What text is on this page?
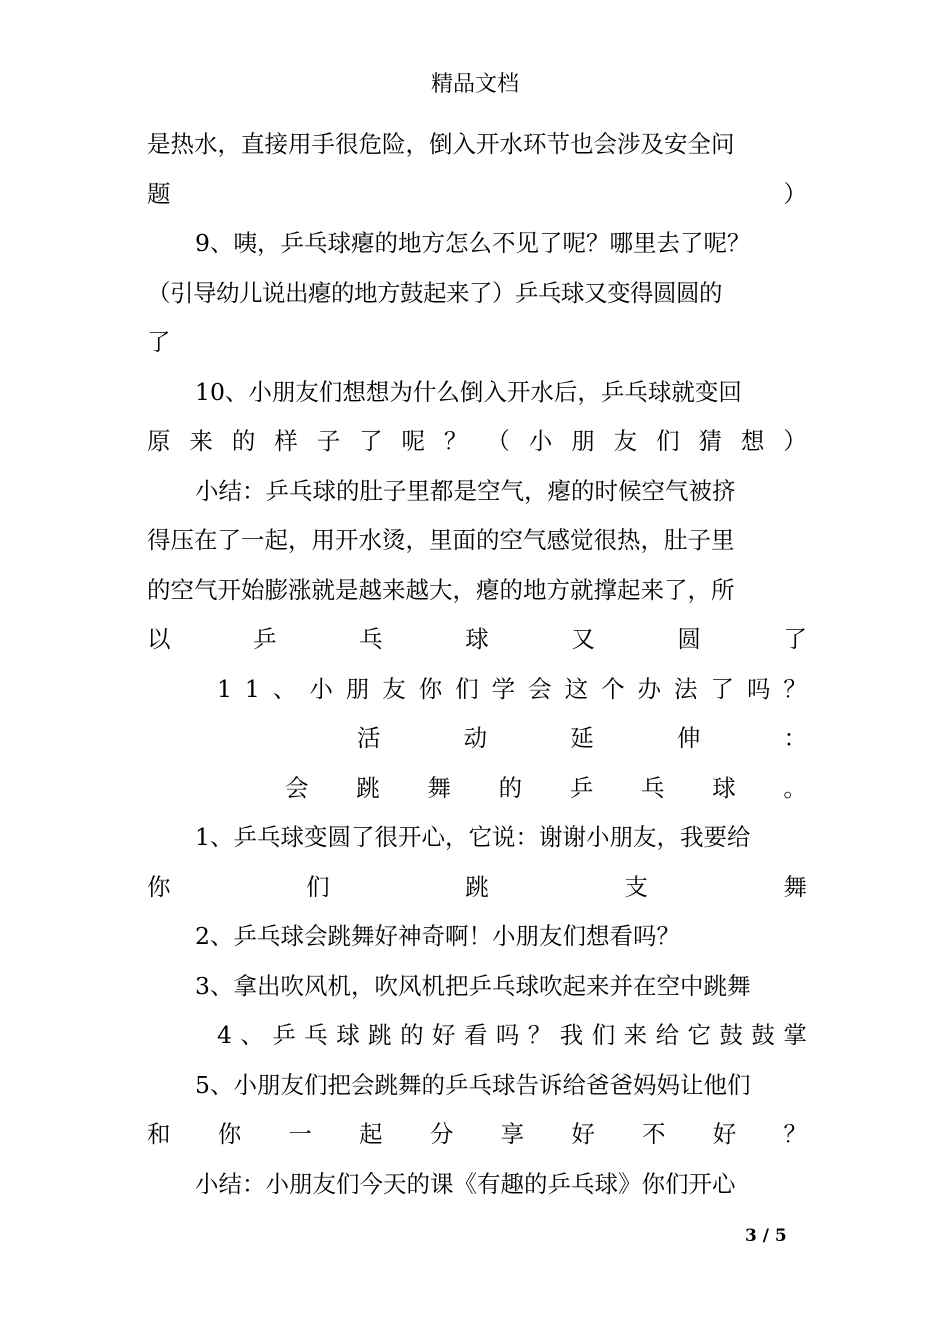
精品文档
是热水，直接用手很危险，倒入开水环节也会涉及安全问
题	）
9、咦，乒乓球瘪的地方怎么不见了呢？哪里去了呢？
（引导幼儿说出瘪的地方鼓起来了）乒乓球又变得圆圆的
了
10、小朋友们想想为什么倒入开水后，乒乓球就变回
原 来 的 样 子 了 呢 ？ （ 小 朋 友 们 猜 想 ）
小结：乒乓球的肚子里都是空气，瘪的时候空气被挤
得压在了一起，用开水烫，里面的空气感觉很热，肚子里
的空气开始膨涨就是越来越大，瘪的地方就撑起来了，所
以	乒	乓	球	又	圆	了
1 1 、 小 朋 友 你 们 学 会 这 个 办 法 了 吗 ？
活	动	延	伸	：
会 跳 舞 的 乒 乓 球 。
1、乒乓球变圆了很开心，它说：谢谢小朋友，我要给
你	们	跳	支	舞
2、乒乓球会跳舞好神奇啊！小朋友们想看吗？
3、拿出吹风机，吹风机把乒乓球吹起来并在空中跳舞
4 、 乒 乓 球 跳 的 好 看 吗 ？ 我 们 来 给 它 鼓 鼓 掌
5、小朋友们把会跳舞的乒乓球告诉给爸爸妈妈让他们
和 你 一 起 分 享 好 不 好 ？
小结：小朋友们今天的课《有趣的乒乓球》你们开心
3 / 5
